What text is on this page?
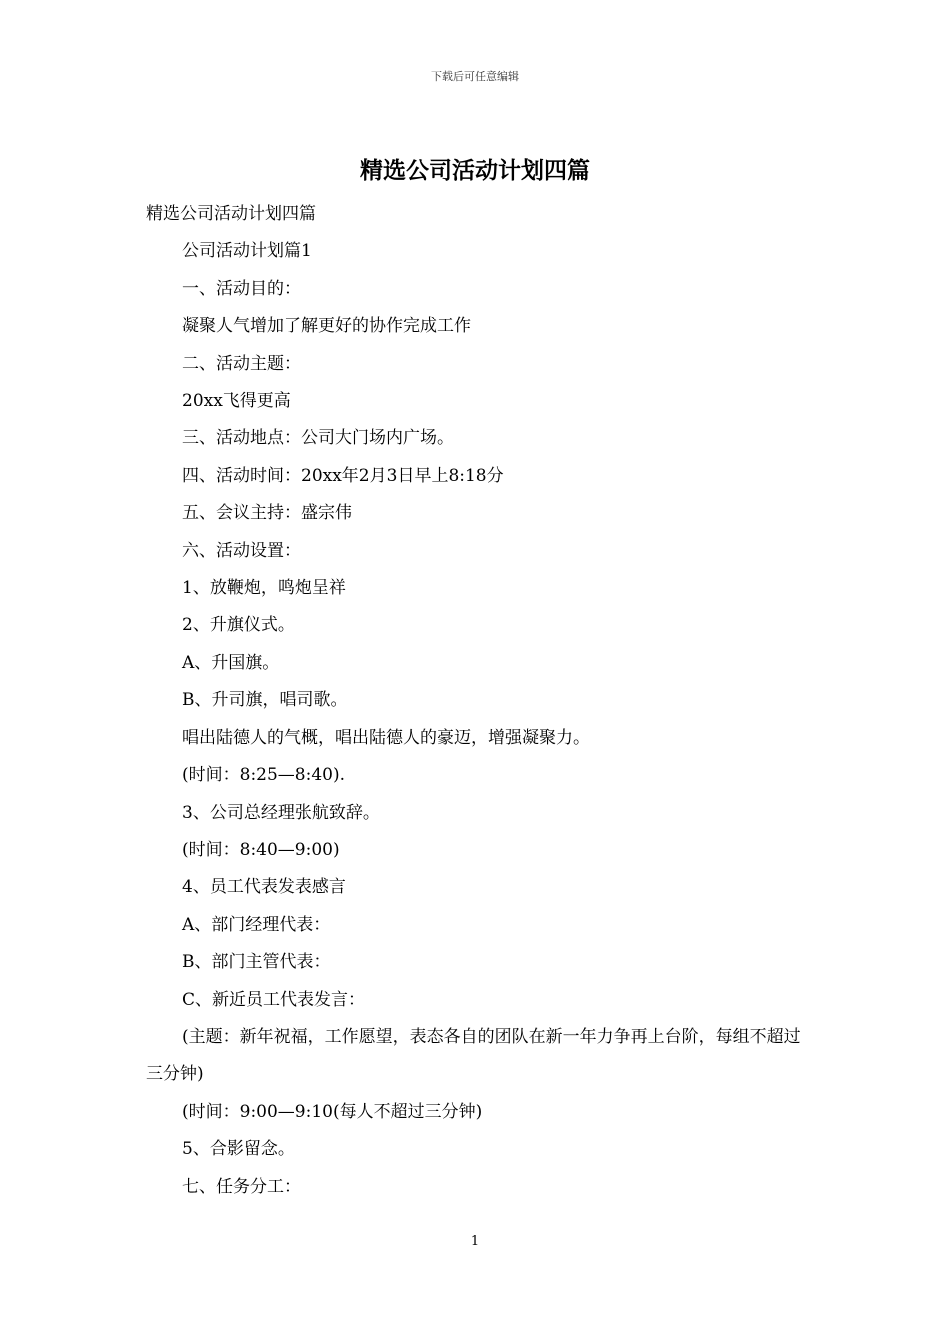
下载后可任意编辑
精选公司活动计划四篇

精选公司活动计划四篇

公司活动计划篇1

一、活动目的：

凝聚人气增加了解更好的协作完成工作

二、活动主题：

20xx飞得更高

三、活动地点：公司大门场内广场。

四、活动时间：20xx年2月3日早上8:18分

五、会议主持：盛宗伟

六、活动设置：

1、放鞭炮，鸣炮呈祥

2、升旗仪式。

A、升国旗。

B、升司旗，唱司歌。

唱出陆德人的气概，唱出陆德人的豪迈，增强凝聚力。

(时间：8:25—8:40).

3、公司总经理张航致辞。

(时间：8:40—9:00)

4、员工代表发表感言

A、部门经理代表：

B、部门主管代表：

C、新近员工代表发言：

(主题：新年祝福，工作愿望，表态各自的团队在新一年力争再上台阶，每组不超过三分钟)

(时间：9:00—9:10(每人不超过三分钟)

5、合影留念。

七、任务分工：

1
